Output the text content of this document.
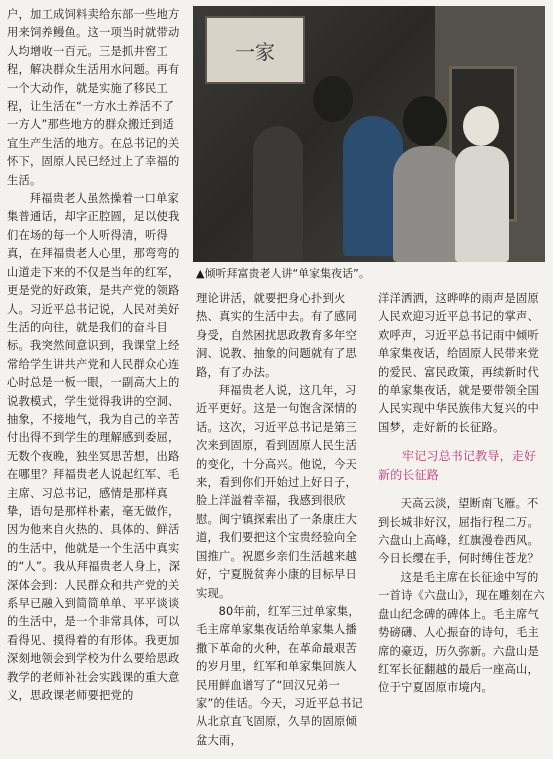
户，加工成饲料卖给东部一些地方用来饲养鳗鱼。这一项当时就带动人均增收一百元。三是抓井窖工程，解决群众生活用水问题。再有一个大动作，就是实施了移民工程，让生活在“一方水土养活不了一方人”那些地方的群众搬迁到适宜生产生活的地方。在总书记的关怀下，固原人民已经过上了幸福的生活。

拜福贵老人虽然操着一口单家集普通话，却字正腔圆，足以使我们在场的每一个人听得清，听得真，在拜福贵老人心里，那弯弯的山道走下来的不仅是当年的红军，更是党的好政策，是共产党的领路人。习近平总书记说，人民对美好生活的向往，就是我们的奋斗目标。我突然间意识到，我课堂上经常给学生讲共产党和人民群众心连心时总是一板一眼，一副高大上的说教模式，学生觉得我讲的空洞、抽象，不接地气，我为自己的辛苦付出得不到学生的理解感到委屈，无数个夜晚，独坐冥思苦想，出路在哪里？拜福贵老人说起红军、毛主席、习总书记，感情是那样真挚，语句是那样朴素，毫无做作，因为他来自火热的、具体的、鲜活的生活中，他就是一个生活中真实的“人”。我从拜福贵老人身上，深深体会到：人民群众和共产党的关系早已融入到简简单单、平平谈谈的生活中，是一个非常具体，可以看得见、摸得着的有形体。我更加深刻地领会到学校为什么要给思政教学的老师补社会实践课的重大意义，思政课老师要把党的

一家
▲倾听拜富贵老人讲“单家集夜话”。

理论讲活，就要把身心扑到火热、真实的生活中去。有了感同身受，自然困扰思政教育多年空洞、说教、抽象的问题就有了思路，有了办法。

拜福贵老人说，这几年，习近平更好。这是一句饱含深情的话。这次，习近平总书记是第三次来到固原，看到固原人民生活的变化，十分高兴。他说，今天来，看到你们开始过上好日子，脸上洋溢着幸福，我感到很欣慰。闽宁镇探索出了一条康庄大道，我们要把这个宝贵经验向全国推广。祝愿乡亲们生活越来越好，宁夏脱贫奔小康的目标早日实现。

80年前，红军三过单家集，毛主席单家集夜话给单家集人播撒下革命的火种，在革命最艰苦的岁月里，红军和单家集回族人民用鲜血谱写了“回汉兄弟一家”的佳话。今天，习近平总书记从北京直飞固原，久旱的固原倾盆大雨，

洋洋洒洒，这晔哗的雨声是固原人民欢迎习近平总书记的掌声、欢呼声，习近平总书记雨中倾听单家集夜话，给固原人民带来党的爱民、富民政策，再续新时代的单家集夜话，就是要带领全国人民实现中华民族伟大复兴的中国梦，走好新的长征路。

牢记习总书记教导，走好新的长征路

天高云淡，望断南飞雁。不到长城非好汉，屈指行程二万。六盘山上高峰，红旗漫卷西风。今日长缨在手，何时缚住苍龙？

这是毛主席在长征途中写的一首诗《六盘山》，现在雕刻在六盘山纪念碑的碑体上。毛主席气势磅礴、人心振奋的诗句，毛主席的豪迈，历久弥新。六盘山是红军长征翻越的最后一座高山，位于宁夏固原市境内。
